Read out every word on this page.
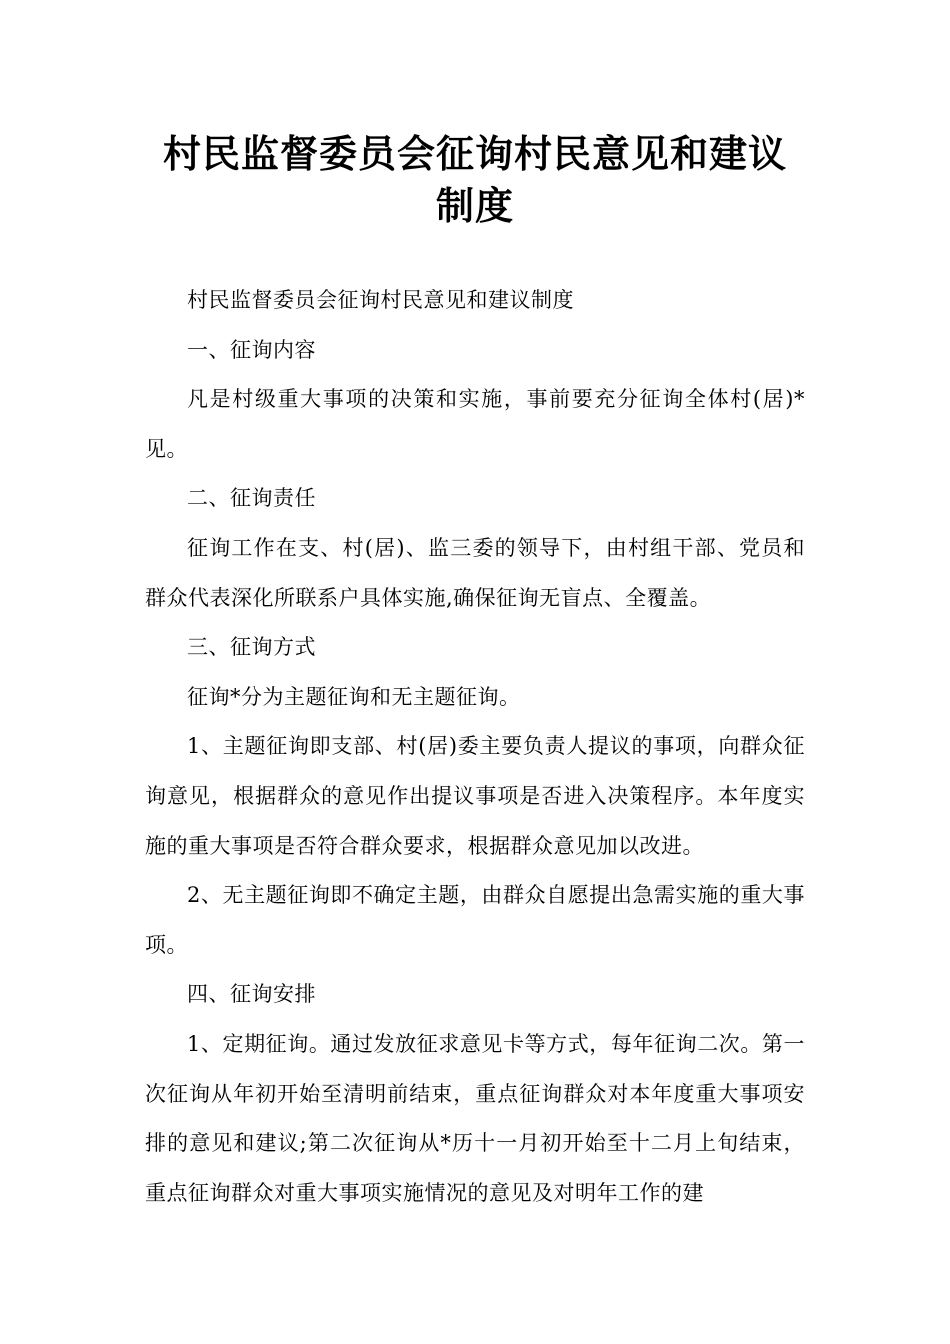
村民监督委员会征询村民意见和建议制度

村民监督委员会征询村民意见和建议制度

一、征询内容

凡是村级重大事项的决策和实施，事前要充分征询全体村(居)*见。

二、征询责任

征询工作在支、村(居)、监三委的领导下，由村组干部、党员和群众代表深化所联系户具体实施,确保征询无盲点、全覆盖。

三、征询方式

征询*分为主题征询和无主题征询。

1、主题征询即支部、村(居)委主要负责人提议的事项，向群众征询意见，根据群众的意见作出提议事项是否进入决策程序。本年度实施的重大事项是否符合群众要求，根据群众意见加以改进。

2、无主题征询即不确定主题，由群众自愿提出急需实施的重大事项。

四、征询安排

1、定期征询。通过发放征求意见卡等方式，每年征询二次。第一次征询从年初开始至清明前结束，重点征询群众对本年度重大事项安排的意见和建议;第二次征询从*历十一月初开始至十二月上旬结束，重点征询群众对重大事项实施情况的意见及对明年工作的建
